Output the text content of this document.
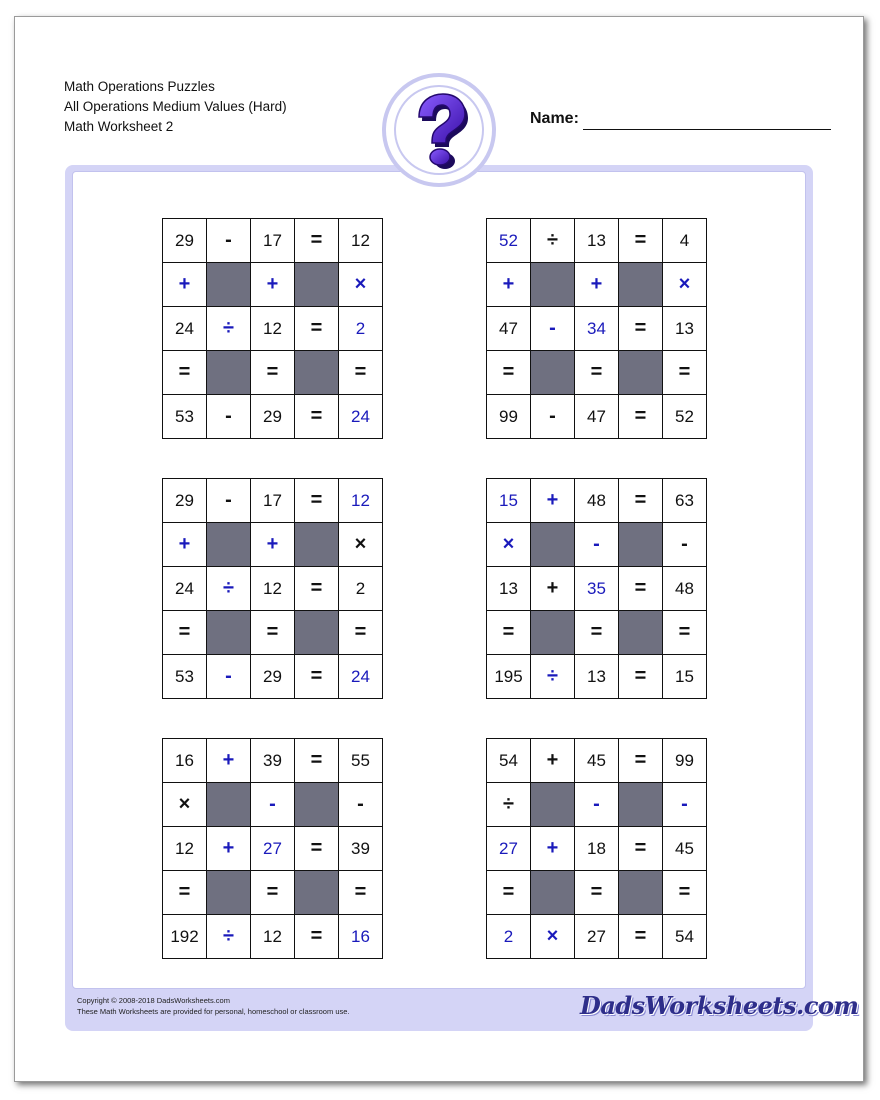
Math Operations Puzzles
All Operations Medium Values (Hard)
Math Worksheet 2	Name:
Copyright © 2008-2018 DadsWorksheets.com
These Math Worksheets are provided for personal, homeschool or classroom use.	DadsWorksheets.com
29	-	17	=	12
+		+		×
24	÷	12	=	2
=		=		=
53	-	29	=	24
52	÷	13	=	4
+		+		×
47	-	34	=	13
=		=		=
99	-	47	=	52
29	-	17	=	12
+		+		×
24	÷	12	=	2
=		=		=
53	-	29	=	24
15	+	48	=	63
×		-		-
13	+	35	=	48
=		=		=
195	÷	13	=	15
16	+	39	=	55
×		-		-
12	+	27	=	39
=		=		=
192	÷	12	=	16
54	+	45	=	99
÷		-		-
27	+	18	=	45
=		=		=
2	×	27	=	54
